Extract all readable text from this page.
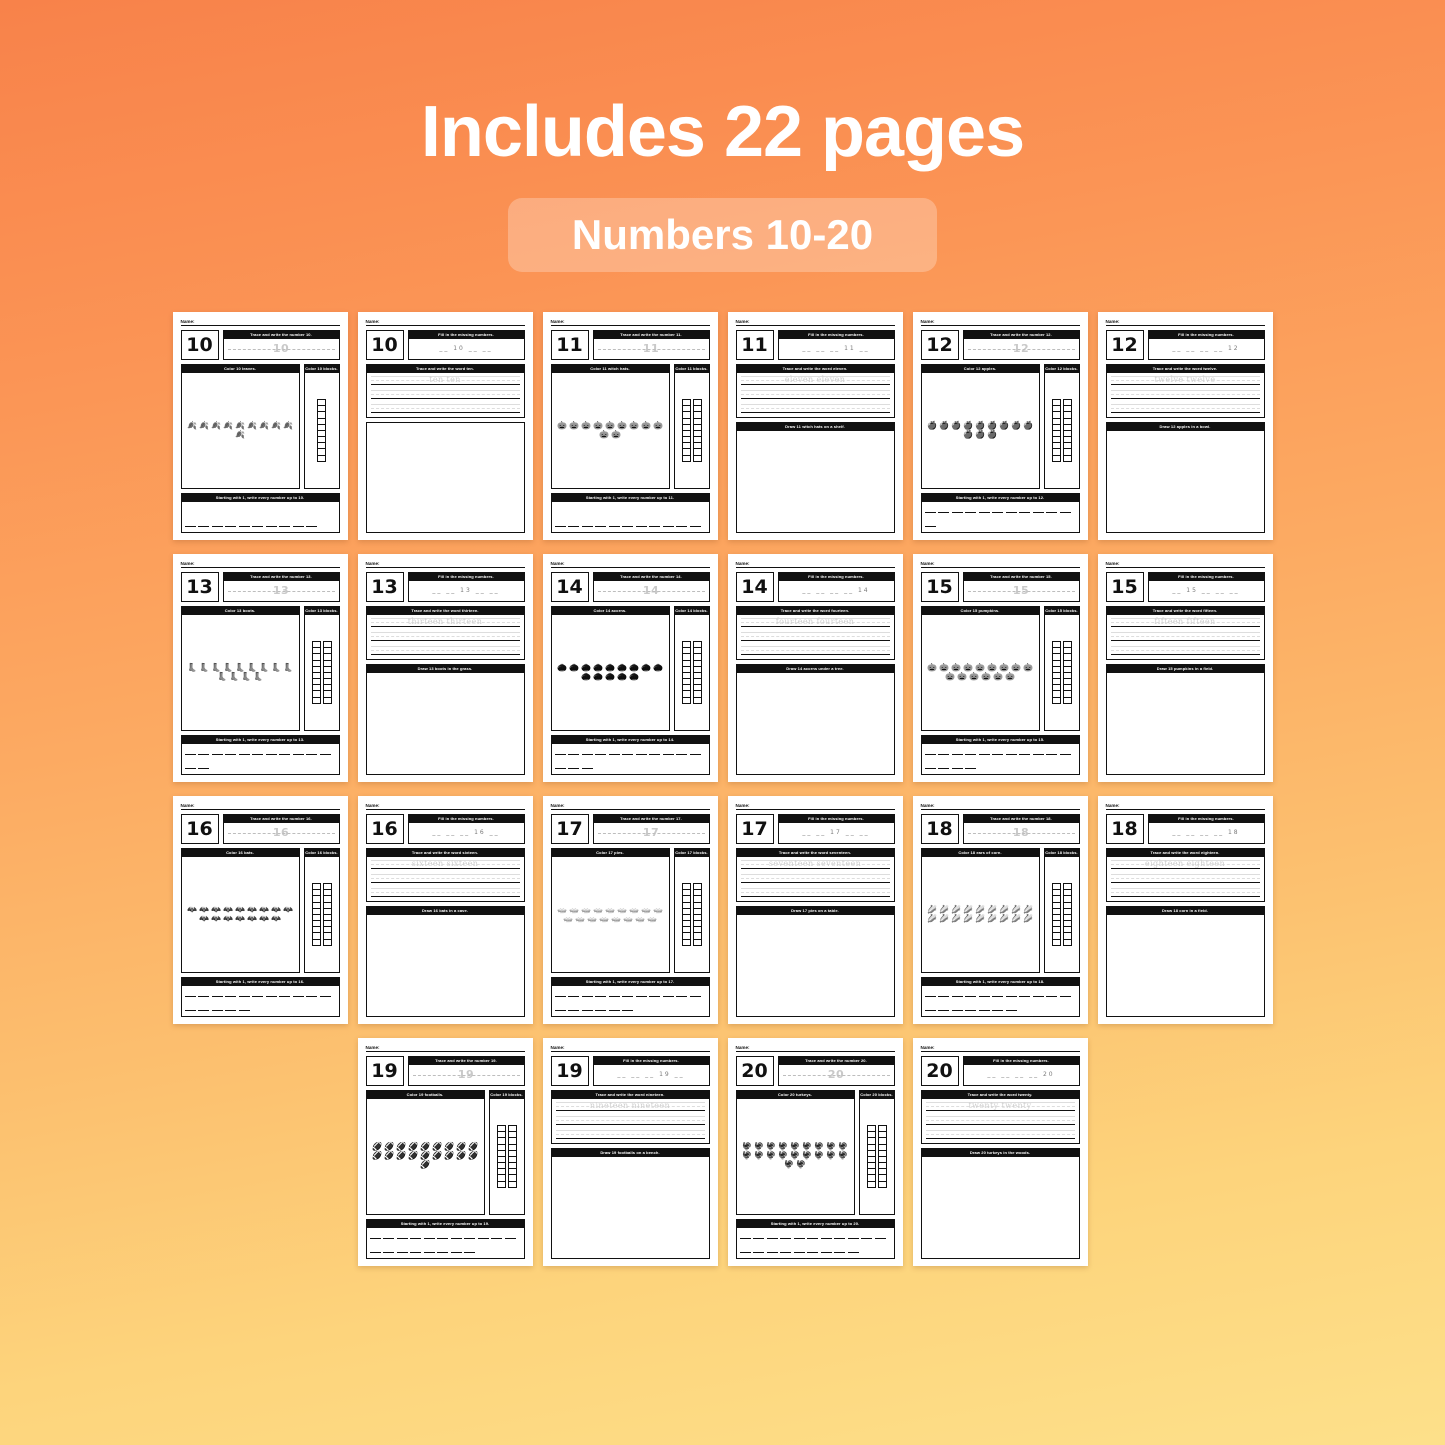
Includes 22 pages
Numbers 10-20
Name:
10	Trace and write the number 10.
10
Color 10 leaves.
🍂 🍂 🍂 🍂 🍂 🍂 🍂 🍂 🍂
🍂
Color 10 blocks.
Starting with 1, write every number up to 10.
Name:
10	Fill in the missing numbers.
__ 10 __ __
Trace and write the word ten.
ten ten
Name:
11	Trace and write the number 11.
11
Color 11 witch hats.
🎃 🎃 🎃 🎃 🎃 🎃 🎃 🎃 🎃
🎃 🎃
Color 11 blocks.
Starting with 1, write every number up to 11.
Name:
11	Fill in the missing numbers.
__ __ __ 11 __
Trace and write the word eleven.
eleven eleven
Draw 11 witch hats on a shelf.
Name:
12	Trace and write the number 12.
12
Color 12 apples.
🍎 🍎 🍎 🍎 🍎 🍎 🍎 🍎 🍎
🍎 🍎 🍎
Color 12 blocks.
Starting with 1, write every number up to 12.
Name:
12	Fill in the missing numbers.
__ __ __ __ 12
Trace and write the word twelve.
twelve twelve
Draw 12 apples in a bowl.
Name:
13	Trace and write the number 13.
13
Color 13 boots.
👢 👢 👢 👢 👢 👢 👢 👢 👢
👢 👢 👢 👢
Color 13 blocks.
Starting with 1, write every number up to 13.
Name:
13	Fill in the missing numbers.
__ __ 13 __ __
Trace and write the word thirteen.
thirteen thirteen
Draw 13 boots in the grass.
Name:
14	Trace and write the number 14.
14
Color 14 acorns.
🌰 🌰 🌰 🌰 🌰 🌰 🌰 🌰 🌰
🌰 🌰 🌰 🌰 🌰
Color 14 blocks.
Starting with 1, write every number up to 14.
Name:
14	Fill in the missing numbers.
__ __ __ __ 14
Trace and write the word fourteen.
fourteen fourteen
Draw 14 acorns under a tree.
Name:
15	Trace and write the number 15.
15
Color 15 pumpkins.
🎃 🎃 🎃 🎃 🎃 🎃 🎃 🎃 🎃
🎃 🎃 🎃 🎃 🎃 🎃
Color 15 blocks.
Starting with 1, write every number up to 15.
Name:
15	Fill in the missing numbers.
__ 15 __ __ __
Trace and write the word fifteen.
fifteen fifteen
Draw 15 pumpkins in a field.
Name:
16	Trace and write the number 16.
16
Color 16 bats.
🦇 🦇 🦇 🦇 🦇 🦇 🦇 🦇 🦇
🦇 🦇 🦇 🦇 🦇 🦇 🦇
Color 16 blocks.
Starting with 1, write every number up to 16.
Name:
16	Fill in the missing numbers.
__ __ __ 16 __
Trace and write the word sixteen.
sixteen sixteen
Draw 16 bats in a cave.
Name:
17	Trace and write the number 17.
17
Color 17 pies.
🥧 🥧 🥧 🥧 🥧 🥧 🥧 🥧 🥧
🥧 🥧 🥧 🥧 🥧 🥧 🥧 🥧
Color 17 blocks.
Starting with 1, write every number up to 17.
Name:
17	Fill in the missing numbers.
__ __ 17 __ __
Trace and write the word seventeen.
seventeen seventeen
Draw 17 pies on a table.
Name:
18	Trace and write the number 18.
18
Color 18 ears of corn.
🌽 🌽 🌽 🌽 🌽 🌽 🌽 🌽 🌽
🌽 🌽 🌽 🌽 🌽 🌽 🌽 🌽 🌽
Color 18 blocks.
Starting with 1, write every number up to 18.
Name:
18	Fill in the missing numbers.
__ __ __ __ 18
Trace and write the word eighteen.
eighteen eighteen
Draw 18 corn in a field.
Name:
19	Trace and write the number 19.
19
Color 19 footballs.
🏈 🏈 🏈 🏈 🏈 🏈 🏈 🏈 🏈
🏈 🏈 🏈 🏈 🏈 🏈 🏈 🏈 🏈
🏈
Color 19 blocks.
Starting with 1, write every number up to 19.
Name:
19	Fill in the missing numbers.
__ __ __ 19 __
Trace and write the word nineteen.
nineteen nineteen
Draw 19 footballs on a bench.
Name:
20	Trace and write the number 20.
20
Color 20 turkeys.
🦃 🦃 🦃 🦃 🦃 🦃 🦃 🦃 🦃
🦃 🦃 🦃 🦃 🦃 🦃 🦃 🦃 🦃
🦃 🦃
Color 20 blocks.
Starting with 1, write every number up to 20.
Name:
20	Fill in the missing numbers.
__ __ __ __ 20
Trace and write the word twenty.
twenty twenty
Draw 20 turkeys in the woods.
